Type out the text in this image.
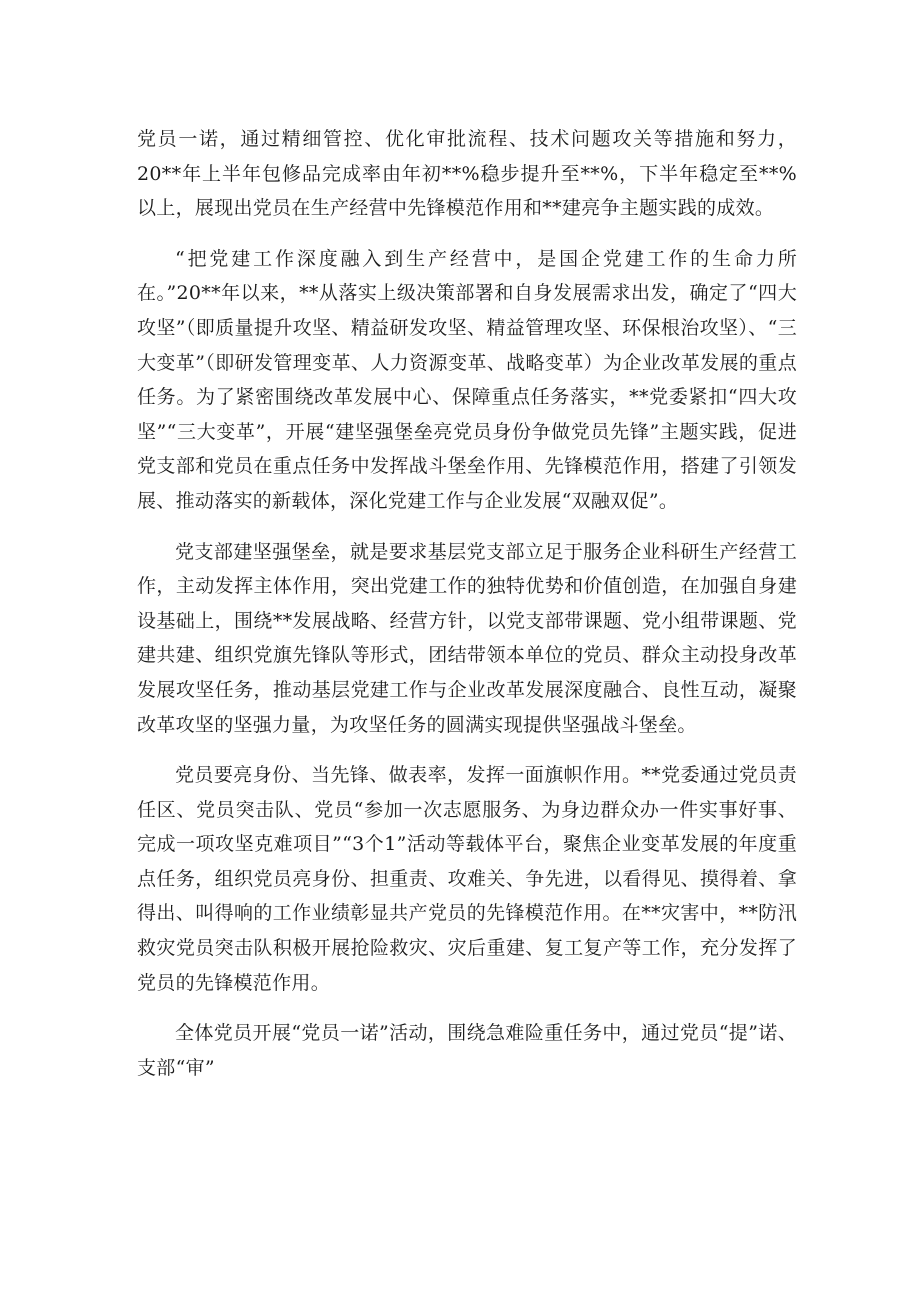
党员一诺，通过精细管控、优化审批流程、技术问题攻关等措施和努力，20**年上半年包修品完成率由年初**%稳步提升至**%，下半年稳定至**%以上，展现出党员在生产经营中先锋模范作用和**建亮争主题实践的成效。

“把党建工作深度融入到生产经营中，是国企党建工作的生命力所在。”20**年以来，**从落实上级决策部署和自身发展需求出发，确定了“四大攻坚”（即质量提升攻坚、精益研发攻坚、精益管理攻坚、环保根治攻坚）、“三大变革”（即研发管理变革、人力资源变革、战略变革）为企业改革发展的重点任务。为了紧密围绕改革发展中心、保障重点任务落实，**党委紧扣“四大攻坚”“三大变革”，开展“建坚强堡垒亮党员身份争做党员先锋”主题实践，促进党支部和党员在重点任务中发挥战斗堡垒作用、先锋模范作用，搭建了引领发展、推动落实的新载体，深化党建工作与企业发展“双融双促”。

党支部建坚强堡垒，就是要求基层党支部立足于服务企业科研生产经营工作，主动发挥主体作用，突出党建工作的独特优势和价值创造，在加强自身建设基础上，围绕**发展战略、经营方针，以党支部带课题、党小组带课题、党建共建、组织党旗先锋队等形式，团结带领本单位的党员、群众主动投身改革发展攻坚任务，推动基层党建工作与企业改革发展深度融合、良性互动，凝聚改革攻坚的坚强力量，为攻坚任务的圆满实现提供坚强战斗堡垒。

党员要亮身份、当先锋、做表率，发挥一面旗帜作用。**党委通过党员责任区、党员突击队、党员“参加一次志愿服务、为身边群众办一件实事好事、完成一项攻坚克难项目”“3个1”活动等载体平台，聚焦企业变革发展的年度重点任务，组织党员亮身份、担重责、攻难关、争先进，以看得见、摸得着、拿得出、叫得响的工作业绩彰显共产党员的先锋模范作用。在**灾害中，**防汛救灾党员突击队积极开展抢险救灾、灾后重建、复工复产等工作，充分发挥了党员的先锋模范作用。

全体党员开展“党员一诺”活动，围绕急难险重任务中，通过党员“提”诺、支部“审”
